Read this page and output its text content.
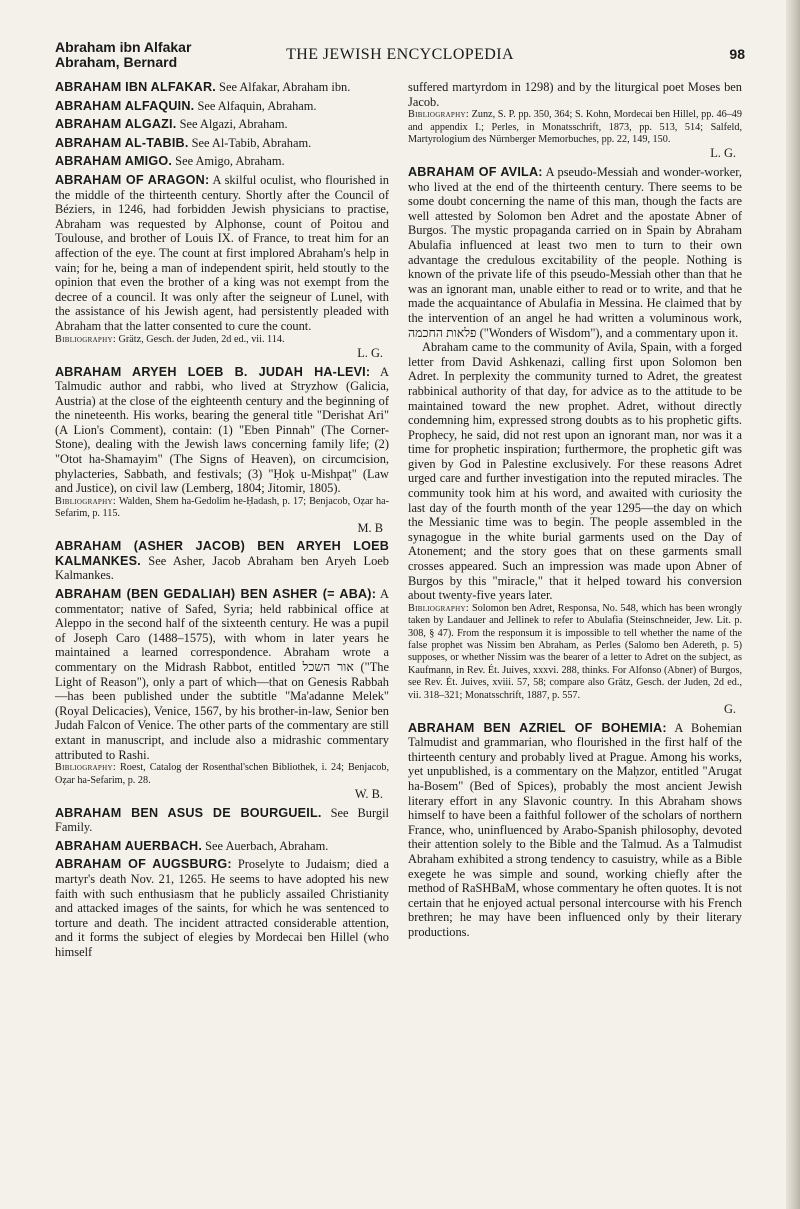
Abraham ibn Alfakar
Abraham, Bernard	THE JEWISH ENCYCLOPEDIA	98

ABRAHAM IBN ALFAKAR. See Alfakar, Abraham ibn.

ABRAHAM ALFAQUIN. See Alfaquin, Abraham.

ABRAHAM ALGAZI. See Algazi, Abraham.

ABRAHAM AL-TABIB. See Al-Tabib, Abraham.

ABRAHAM AMIGO. See Amigo, Abraham.

ABRAHAM OF ARAGON: A skilful oculist, who flourished in the middle of the thirteenth century. Shortly after the Council of Béziers, in 1246, had forbidden Jewish physicians to practise, Abraham was requested by Alphonse, count of Poitou and Toulouse, and brother of Louis IX. of France, to treat him for an affection of the eye. The count at first implored Abraham's help in vain; for he, being a man of independent spirit, held stoutly to the opinion that even the brother of a king was not exempt from the decree of a council. It was only after the seigneur of Lunel, with the assistance of his Jewish agent, had persistently pleaded with Abraham that the latter consented to cure the count.

Bibliography: Grätz, Gesch. der Juden, 2d ed., vii. 114.

L. G.

ABRAHAM ARYEH LOEB B. JUDAH HA-LEVI: A Talmudic author and rabbi, who lived at Stryzhow (Galicia, Austria) at the close of the eighteenth century and the beginning of the nineteenth. His works, bearing the general title "Derishat Ari" (A Lion's Comment), contain: (1) "Eben Pinnah" (The Corner-Stone), dealing with the Jewish laws concerning family life; (2) "Otot ha-Shamayim" (The Signs of Heaven), on circumcision, phylacteries, Sabbath, and festivals; (3) "Ḥoḳ u-Mishpaṭ" (Law and Justice), on civil law (Lemberg, 1804; Jitomir, 1805).

Bibliography: Walden, Shem ha-Gedolim he-Ḥadash, p. 17; Benjacob, Oẓar ha-Sefarim, p. 115.

M. B

ABRAHAM (ASHER JACOB) BEN ARYEH LOEB KALMANKES. See Asher, Jacob Abraham ben Aryeh Loeb Kalmankes.

ABRAHAM (BEN GEDALIAH) BEN ASHER (= ABA): A commentator; native of Safed, Syria; held rabbinical office at Aleppo in the second half of the sixteenth century. He was a pupil of Joseph Caro (1488–1575), with whom in later years he maintained a learned correspondence. Abraham wrote a commentary on the Midrash Rabbot, entitled אור השכל ("The Light of Reason"), only a part of which—that on Genesis Rabbah—has been published under the subtitle "Ma'adanne Melek" (Royal Delicacies), Venice, 1567, by his brother-in-law, Senior ben Judah Falcon of Venice. The other parts of the commentary are still extant in manuscript, and include also a midrashic commentary attributed to Rashi.

Bibliography: Roest, Catalog der Rosenthal'schen Bibliothek, i. 24; Benjacob, Oẓar ha-Sefarim, p. 28.

W. B.

ABRAHAM BEN ASUS DE BOURGUEIL. See Burgil Family.

ABRAHAM AUERBACH. See Auerbach, Abraham.

ABRAHAM OF AUGSBURG: Proselyte to Judaism; died a martyr's death Nov. 21, 1265. He seems to have adopted his new faith with such enthusiasm that he publicly assailed Christianity and attacked images of the saints, for which he was sentenced to torture and death. The incident attracted considerable attention, and it forms the subject of elegies by Mordecai ben Hillel (who himself

suffered martyrdom in 1298) and by the liturgical poet Moses ben Jacob.

Bibliography: Zunz, S. P. pp. 350, 364; S. Kohn, Mordecai ben Hillel, pp. 46–49 and appendix I.; Perles, in Monatsschrift, 1873, pp. 513, 514; Salfeld, Martyrologium des Nürnberger Memorbuches, pp. 22, 149, 150.

L. G.

ABRAHAM OF AVILA: A pseudo-Messiah and wonder-worker, who lived at the end of the thirteenth century. There seems to be some doubt concerning the name of this man, though the facts are well attested by Solomon ben Adret and the apostate Abner of Burgos. The mystic propaganda carried on in Spain by Abraham Abulafia influenced at least two men to turn to their own advantage the credulous excitability of the people. Nothing is known of the private life of this pseudo-Messiah other than that he was an ignorant man, unable either to read or to write, and that he made the acquaintance of Abulafia in Messina. He claimed that by the intervention of an angel he had written a voluminous work, פלאות החכמה ("Wonders of Wisdom"), and a commentary upon it.

Abraham came to the community of Avila, Spain, with a forged letter from David Ashkenazi, calling first upon Solomon ben Adret. In perplexity the community turned to Adret, the greatest rabbinical authority of that day, for advice as to the attitude to be maintained toward the new prophet. Adret, without directly condemning him, expressed strong doubts as to his prophetic gifts. Prophecy, he said, did not rest upon an ignorant man, nor was it a time for prophetic inspiration; furthermore, the prophetic gift was given by God in Palestine exclusively. For these reasons Adret urged care and further investigation into the reputed miracles. The community took him at his word, and awaited with curiosity the last day of the fourth month of the year 1295—the day on which the Messianic time was to begin. The people assembled in the synagogue in the white burial garments used on the Day of Atonement; and the story goes that on these garments small crosses appeared. Such an impression was made upon Abner of Burgos by this "miracle," that it helped toward his conversion about twenty-five years later.

Bibliography: Solomon ben Adret, Responsa, No. 548, which has been wrongly taken by Landauer and Jellinek to refer to Abulafia (Steinschneider, Jew. Lit. p. 308, § 47). From the responsum it is impossible to tell whether the name of the false prophet was Nissim ben Abraham, as Perles (Salomo ben Adereth, p. 5) supposes, or whether Nissim was the bearer of a letter to Adret on the subject, as Kaufmann, in Rev. Ét. Juives, xxxvi. 288, thinks. For Alfonso (Abner) of Burgos, see Rev. Ét. Juives, xviii. 57, 58; compare also Grätz, Gesch. der Juden, 2d ed., vii. 318–321; Monatsschrift, 1887, p. 557.

G.

ABRAHAM BEN AZRIEL OF BOHEMIA: A Bohemian Talmudist and grammarian, who flourished in the first half of the thirteenth century and probably lived at Prague. Among his works, yet unpublished, is a commentary on the Maḥzor, entitled "Arugat ha-Bosem" (Bed of Spices), probably the most ancient Jewish literary effort in any Slavonic country. In this Abraham shows himself to have been a faithful follower of the scholars of northern France, who, uninfluenced by Arabo-Spanish philosophy, devoted their attention solely to the Bible and the Talmud. As a Talmudist Abraham exhibited a strong tendency to casuistry, while as a Bible exegete he was simple and sound, working chiefly after the method of RaSHBaM, whose commentary he often quotes. It is not certain that he enjoyed actual personal intercourse with his French brethren; he may have been influenced only by their literary productions.
